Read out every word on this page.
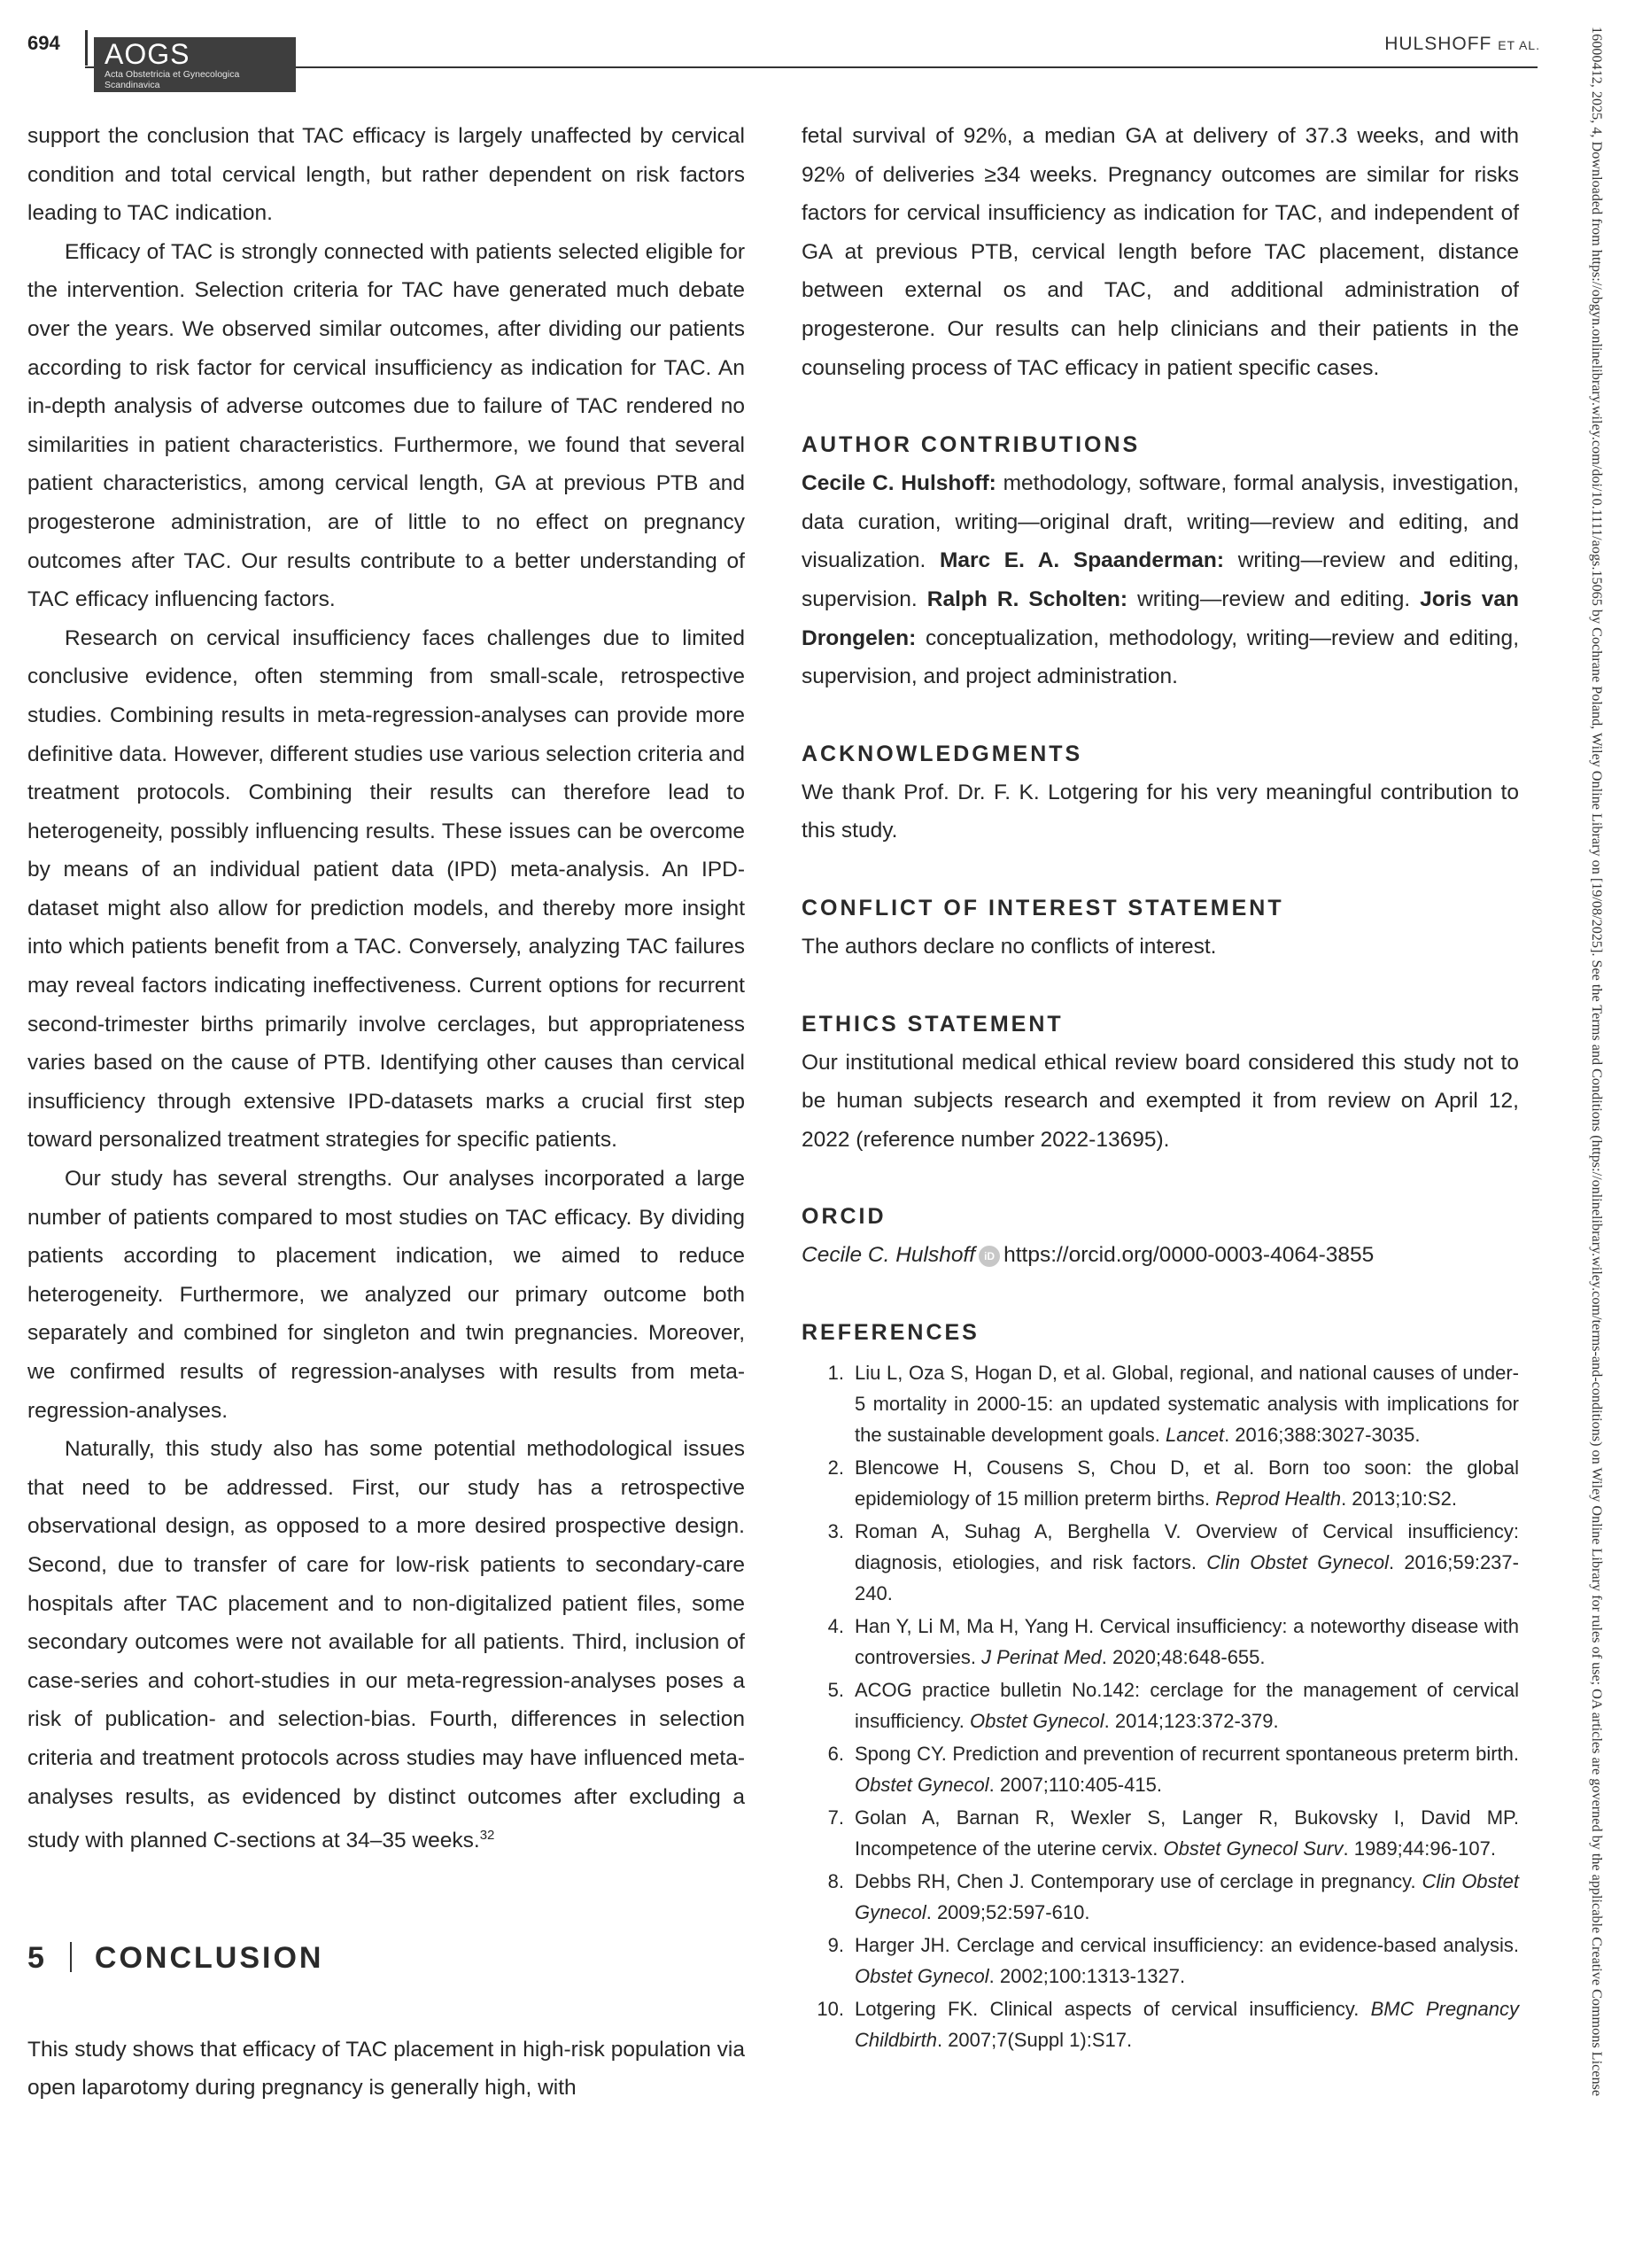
694 AOGS
Acta Obstetricia et Gynecologica Scandinavica
HULSHOFF ET AL.

support the conclusion that TAC efficacy is largely unaffected by cervical condition and total cervical length, but rather dependent on risk factors leading to TAC indication.

Efficacy of TAC is strongly connected with patients selected eligible for the intervention. Selection criteria for TAC have generated much debate over the years. We observed similar outcomes, after dividing our patients according to risk factor for cervical insufficiency as indication for TAC. An in-depth analysis of adverse outcomes due to failure of TAC rendered no similarities in patient characteristics. Furthermore, we found that several patient characteristics, among cervical length, GA at previous PTB and progesterone administration, are of little to no effect on pregnancy outcomes after TAC. Our results contribute to a better understanding of TAC efficacy influencing factors.

Research on cervical insufficiency faces challenges due to limited conclusive evidence, often stemming from small-scale, retrospective studies. Combining results in meta-regression-analyses can provide more definitive data. However, different studies use various selection criteria and treatment protocols. Combining their results can therefore lead to heterogeneity, possibly influencing results. These issues can be overcome by means of an individual patient data (IPD) meta-analysis. An IPD-dataset might also allow for prediction models, and thereby more insight into which patients benefit from a TAC. Conversely, analyzing TAC failures may reveal factors indicating ineffectiveness. Current options for recurrent second-trimester births primarily involve cerclages, but appropriateness varies based on the cause of PTB. Identifying other causes than cervical insufficiency through extensive IPD-datasets marks a crucial first step toward personalized treatment strategies for specific patients.

Our study has several strengths. Our analyses incorporated a large number of patients compared to most studies on TAC efficacy. By dividing patients according to placement indication, we aimed to reduce heterogeneity. Furthermore, we analyzed our primary outcome both separately and combined for singleton and twin pregnancies. Moreover, we confirmed results of regression-analyses with results from meta-regression-analyses.

Naturally, this study also has some potential methodological issues that need to be addressed. First, our study has a retrospective observational design, as opposed to a more desired prospective design. Second, due to transfer of care for low-risk patients to secondary-care hospitals after TAC placement and to non-digitalized patient files, some secondary outcomes were not available for all patients. Third, inclusion of case-series and cohort-studies in our meta-regression-analyses poses a risk of publication- and selection-bias. Fourth, differences in selection criteria and treatment protocols across studies may have influenced meta-analyses results, as evidenced by distinct outcomes after excluding a study with planned C-sections at 34–35 weeks.$^{32}$

5 CONCLUSION

This study shows that efficacy of TAC placement in high-risk population via open laparotomy during pregnancy is generally high, with

fetal survival of 92%, a median GA at delivery of 37.3 weeks, and with 92% of deliveries ≥34 weeks. Pregnancy outcomes are similar for risks factors for cervical insufficiency as indication for TAC, and independent of GA at previous PTB, cervical length before TAC placement, distance between external os and TAC, and additional administration of progesterone. Our results can help clinicians and their patients in the counseling process of TAC efficacy in patient specific cases.

AUTHOR CONTRIBUTIONS

Cecile C. Hulshoff: methodology, software, formal analysis, investigation, data curation, writing—original draft, writing—review and editing, and visualization. Marc E. A. Spaanderman: writing—review and editing, supervision. Ralph R. Scholten: writing—review and editing. Joris van Drongelen: conceptualization, methodology, writing—review and editing, supervision, and project administration.

ACKNOWLEDGMENTS

We thank Prof. Dr. F. K. Lotgering for his very meaningful contribution to this study.

CONFLICT OF INTEREST STATEMENT

The authors declare no conflicts of interest.

ETHICS STATEMENT

Our institutional medical ethical review board considered this study not to be human subjects research and exempted it from review on April 12, 2022 (reference number 2022-13695).

ORCID

Cecile C. Hulshoff iD https://orcid.org/0000-0003-4064-3855

REFERENCES
1. Liu L, Oza S, Hogan D, et al. Global, regional, and national causes of under-5 mortality in 2000-15: an updated systematic analysis with implications for the sustainable development goals. Lancet. 2016;388:3027-3035.
2. Blencowe H, Cousens S, Chou D, et al. Born too soon: the global epidemiology of 15 million preterm births. Reprod Health. 2013;10:S2.
3. Roman A, Suhag A, Berghella V. Overview of Cervical insufficiency: diagnosis, etiologies, and risk factors. Clin Obstet Gynecol. 2016;59:237-240.
4. Han Y, Li M, Ma H, Yang H. Cervical insufficiency: a noteworthy disease with controversies. J Perinat Med. 2020;48:648-655.
5. ACOG practice bulletin No.142: cerclage for the management of cervical insufficiency. Obstet Gynecol. 2014;123:372-379.
6. Spong CY. Prediction and prevention of recurrent spontaneous preterm birth. Obstet Gynecol. 2007;110:405-415.
7. Golan A, Barnan R, Wexler S, Langer R, Bukovsky I, David MP. Incompetence of the uterine cervix. Obstet Gynecol Surv. 1989;44:96-107.
8. Debbs RH, Chen J. Contemporary use of cerclage in pregnancy. Clin Obstet Gynecol. 2009;52:597-610.
9. Harger JH. Cerclage and cervical insufficiency: an evidence-based analysis. Obstet Gynecol. 2002;100:1313-1327.
10. Lotgering FK. Clinical aspects of cervical insufficiency. BMC Pregnancy Childbirth. 2007;7(Suppl 1):S17.	16000412, 2025, 4, Downloaded from https://obgyn.onlinelibrary.wiley.com/doi/10.1111/aogs.15065 by Cochrane Poland, Wiley Online Library on [19/08/2025]. See the Terms and Conditions (https://onlinelibrary.wiley.com/terms-and-conditions) on Wiley Online Library for rules of use; OA articles are governed by the applicable Creative Commons License
